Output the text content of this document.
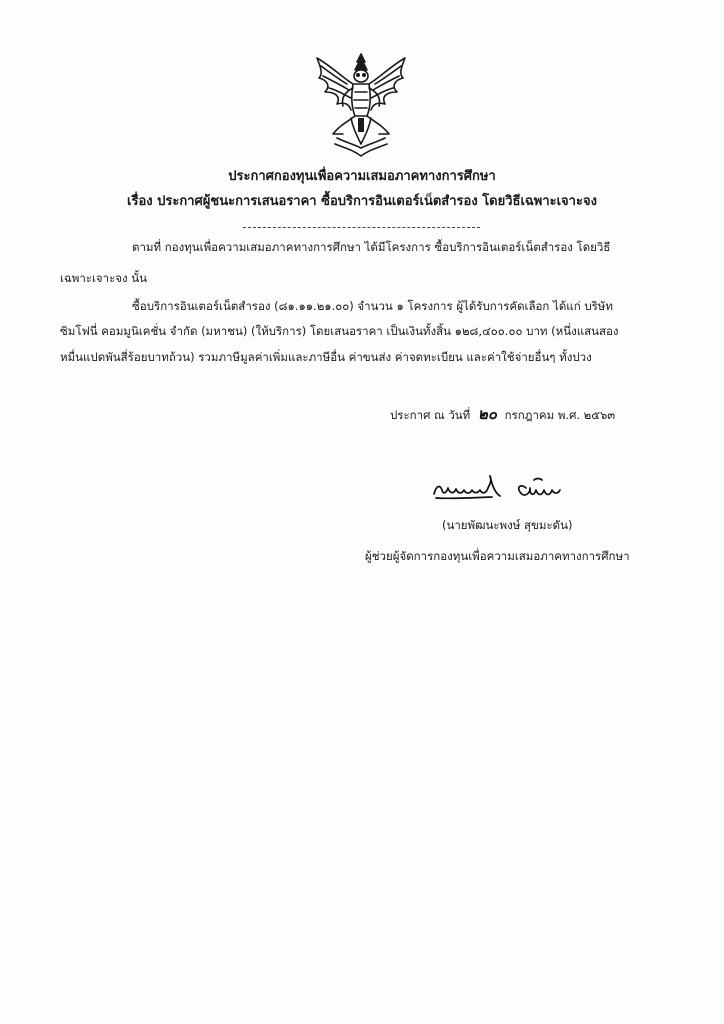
ประกาศกองทุนเพื่อความเสมอภาคทางการศึกษา
เรื่อง ประกาศผู้ชนะการเสนอราคา ซื้อบริการอินเตอร์เน็ตสำรอง โดยวิธีเฉพาะเจาะจง
ตามที่ กองทุนเพื่อความเสมอภาคทางการศึกษา ได้มีโครงการ ซื้อบริการอินเตอร์เน็ตสำรอง โดยวิธี
เฉพาะเจาะจง นั้น
ซื้อบริการอินเตอร์เน็ตสำรอง (๘๑.๑๑.๒๑.๐๐) จำนวน ๑ โครงการ ผู้ได้รับการคัดเลือก ได้แก่ บริษัท
ซิมโฟนี่ คอมมูนิเคชั่น จำกัด (มหาชน) (ให้บริการ) โดยเสนอราคา เป็นเงินทั้งสิ้น ๑๒๘,๔๐๐.๐๐ บาท (หนึ่งแสนสอง
หมื่นแปดพันสี่ร้อยบาทถ้วน) รวมภาษีมูลค่าเพิ่มและภาษีอื่น ค่าขนส่ง ค่าจดทะเบียน และค่าใช้จ่ายอื่นๆ ทั้งปวง
ประกาศ ณ วันที่ ๒๐ กรกฎาคม พ.ศ. ๒๕๖๓
(นายพัฒนะพงษ์ สุขมะดัน)
ผู้ช่วยผู้จัดการกองทุนเพื่อความเสมอภาคทางการศึกษา
